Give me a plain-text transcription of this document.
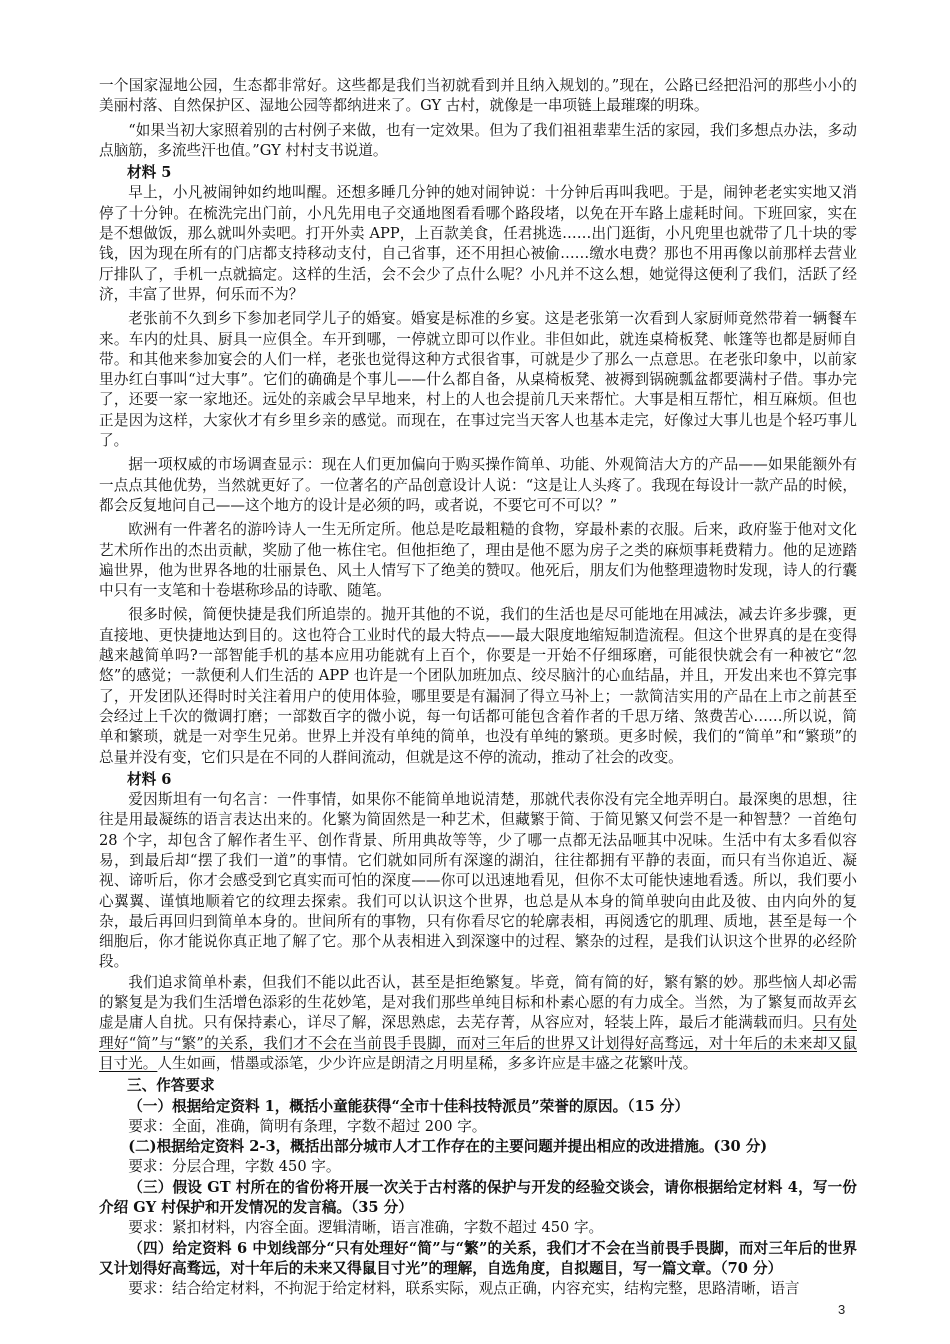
一个国家湿地公园，生态都非常好。这些都是我们当初就看到并且纳入规划的。”现在，公路已经把沿河的那些小小的美丽村落、自然保护区、湿地公园等都纳进来了。GY 古村，就像是一串项链上最璀璨的明珠。

“如果当初大家照着别的古村例子来做，也有一定效果。但为了我们祖祖辈辈生活的家园，我们多想点办法，多动点脑筋，多流些汗也值。”GY 村村支书说道。

材料 5

早上，小凡被闹钟如约地叫醒。还想多睡几分钟的她对闹钟说：十分钟后再叫我吧。于是，闹钟老老实实地又消停了十分钟。在梳洗完出门前，小凡先用电子交通地图看看哪个路段堵，以免在开车路上虚耗时间。下班回家，实在是不想做饭，那么就叫外卖吧。打开外卖 APP，上百款美食，任君挑选……出门逛街，小凡兜里也就带了几十块的零钱，因为现在所有的门店都支持移动支付，自己省事，还不用担心被偷……缴水电费？那也不用再像以前那样去营业厅排队了，手机一点就搞定。这样的生活，会不会少了点什么呢？小凡并不这么想，她觉得这便利了我们，活跃了经济，丰富了世界，何乐而不为？

老张前不久到乡下参加老同学儿子的婚宴。婚宴是标准的乡宴。这是老张第一次看到人家厨师竟然带着一辆餐车来。车内的灶具、厨具一应俱全。车开到哪，一停就立即可以作业。非但如此，就连桌椅板凳、帐篷等也都是厨师自带。和其他来参加宴会的人们一样，老张也觉得这种方式很省事，可就是少了那么一点意思。在老张印象中，以前家里办红白事叫“过大事”。它们的确确是个事儿——什么都自备，从桌椅板凳、被褥到锅碗瓢盆都要满村子借。事办完了，还要一家一家地还。远处的亲戚会早早地来，村上的人也会提前几天来帮忙。大事是相互帮忙，相互麻烦。但也正是因为这样，大家伙才有乡里乡亲的感觉。而现在，在事过完当天客人也基本走完，好像过大事儿也是个轻巧事儿了。

据一项权威的市场调查显示：现在人们更加偏向于购买操作简单、功能、外观简洁大方的产品——如果能额外有一点点其他优势，当然就更好了。一位著名的产品创意设计人说：“这是让人头疼了。我现在每设计一款产品的时候，都会反复地问自己——这个地方的设计是必须的吗，或者说，不要它可不可以？”

欧洲有一件著名的游吟诗人一生无所定所。他总是吃最粗糙的食物，穿最朴素的衣服。后来，政府鉴于他对文化艺术所作出的杰出贡献，奖励了他一栋住宅。但他拒绝了，理由是他不愿为房子之类的麻烦事耗费精力。他的足迹踏遍世界，他为世界各地的壮丽景色、风土人情写下了绝美的赞叹。他死后，朋友们为他整理遗物时发现，诗人的行囊中只有一支笔和十卷堪称珍品的诗歌、随笔。

很多时候，简便快捷是我们所追崇的。抛开其他的不说，我们的生活也是尽可能地在用减法，减去许多步骤，更直接地、更快捷地达到目的。这也符合工业时代的最大特点——最大限度地缩短制造流程。但这个世界真的是在变得越来越简单吗?一部智能手机的基本应用功能就有上百个，你要是一开始不仔细琢磨，可能很快就会有一种被它“忽悠”的感觉；一款便利人们生活的 APP 也许是一个团队加班加点、绞尽脑汁的心血结晶，并且，开发出来也不算完事了，开发团队还得时时关注着用户的使用体验，哪里要是有漏洞了得立马补上；一款简洁实用的产品在上市之前甚至会经过上千次的微调打磨；一部数百字的微小说，每一句话都可能包含着作者的千思万绪、煞费苦心……所以说，简单和繁琐，就是一对孪生兄弟。世界上并没有单纯的简单，也没有单纯的繁琐。更多时候，我们的“简单”和“繁琐”的总量并没有变，它们只是在不同的人群间流动，但就是这不停的流动，推动了社会的改变。

材料 6

爱因斯坦有一句名言：一件事情，如果你不能简单地说清楚，那就代表你没有完全地弄明白。最深奥的思想，往往是用最凝练的语言表达出来的。化繁为简固然是一种艺术，但藏繁于简、于简见繁又何尝不是一种智慧？一首绝句 28 个字，却包含了解作者生平、创作背景、所用典故等等，少了哪一点都无法品咂其中况味。生活中有太多看似容易，到最后却“摆了我们一道”的事情。它们就如同所有深邃的湖泊，往往都拥有平静的表面，而只有当你追近、凝视、谛听后，你才会感受到它真实而可怕的深度——你可以迅速地看见，但你不太可能快速地看透。所以，我们要小心翼翼、谨慎地顺着它的纹理去探索。我们可以认识这个世界，也总是从本身的简单驶向由此及彼、由内向外的复杂，最后再回归到简单本身的。世间所有的事物，只有你看尽它的轮廓表相，再阅透它的肌理、质地，甚至是每一个细胞后，你才能说你真正地了解了它。那个从表相进入到深邃中的过程、繁杂的过程，是我们认识这个世界的必经阶段。

我们追求简单朴素，但我们不能以此否认，甚至是拒绝繁复。毕竟，简有简的好，繁有繁的妙。那些恼人却必需的繁复是为我们生活增色添彩的生花妙笔，是对我们那些单纯目标和朴素心愿的有力成全。当然，为了繁复而故弄玄虚是庸人自扰。只有保持素心，详尽了解，深思熟虑，去芜存菁，从容应对，轻装上阵，最后才能满载而归。只有处理好“简”与“繁”的关系，我们才不会在当前畏手畏脚，而对三年后的世界又计划得好高骛远，对十年后的未来却又鼠目寸光。人生如画，惜墨或添笔，少少许应是朗清之月明星稀，多多许应是丰盛之花繁叶茂。

三、作答要求

（一）根据给定资料 1，概括小童能获得“全市十佳科技特派员”荣誉的原因。（15 分）

要求：全面，准确，简明有条理，字数不超过 200 字。

(二)根据给定资料 2-3，概括出部分城市人才工作存在的主要问题并提出相应的改进措施。(30 分)

要求：分层合理，字数 450 字。

（三）假设 GT 村所在的省份将开展一次关于古村落的保护与开发的经验交谈会，请你根据给定材料 4，写一份介绍 GY 村保护和开发情况的发言稿。（35 分）

要求：紧扣材料，内容全面。逻辑清晰，语言准确，字数不超过 450 字。

（四）给定资料 6 中划线部分“只有处理好“简”与“繁”的关系，我们才不会在当前畏手畏脚，而对三年后的世界又计划得好高骛远，对十年后的未来又得鼠目寸光”的理解，自选角度，自拟题目，写一篇文章。（70 分）

要求：结合给定材料，不拘泥于给定材料，联系实际，观点正确，内容充实，结构完整，思路清晰，语言

3
